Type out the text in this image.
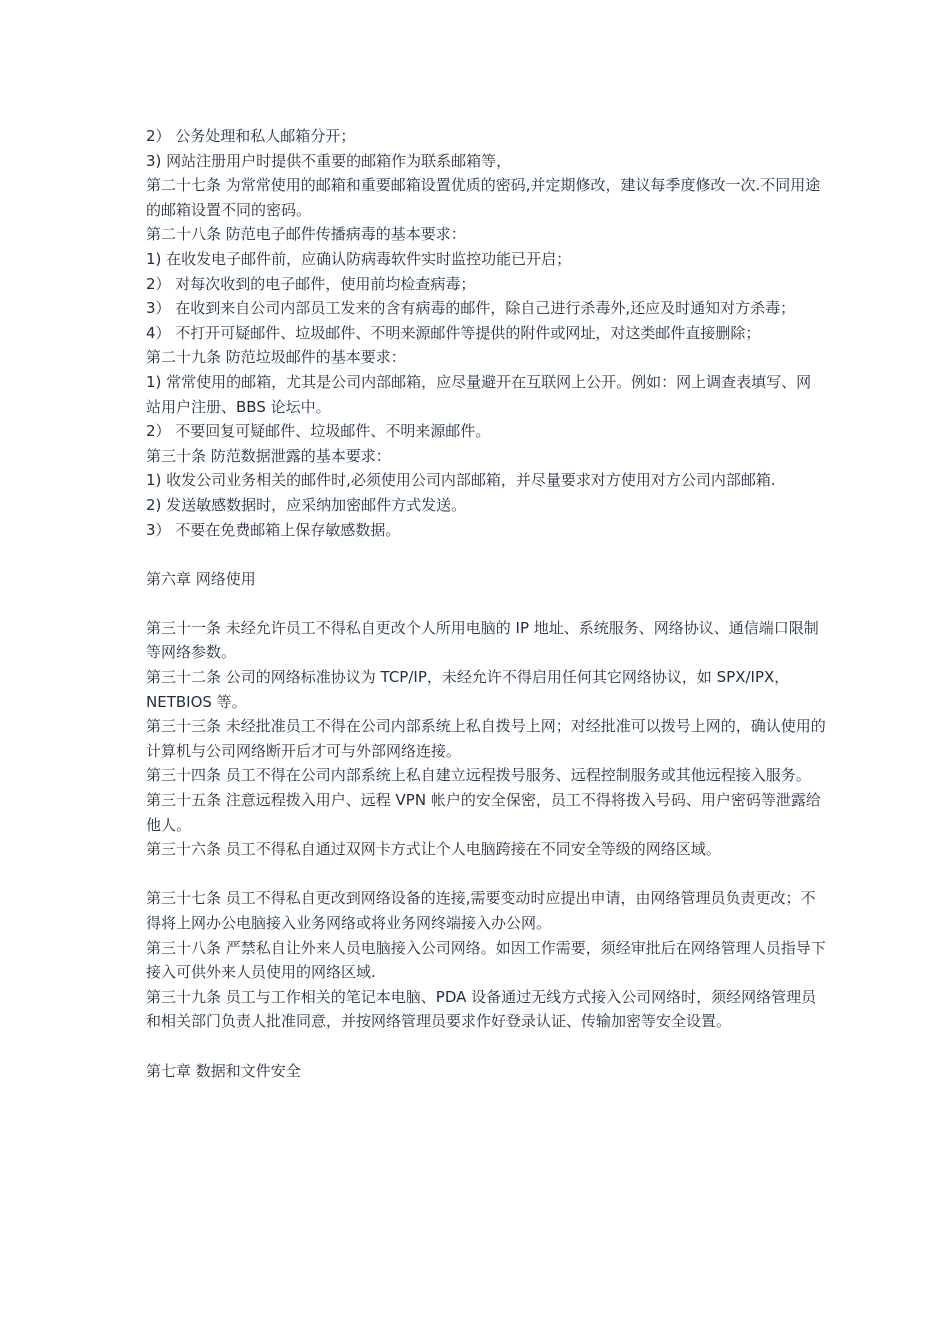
2） 公务处理和私人邮箱分开；

3) 网站注册用户时提供不重要的邮箱作为联系邮箱等，

第二十七条 为常常使用的邮箱和重要邮箱设置优质的密码,并定期修改，建议每季度修改一次.不同用途的邮箱设置不同的密码。

第二十八条 防范电子邮件传播病毒的基本要求：

1) 在收发电子邮件前，应确认防病毒软件实时监控功能已开启；

2） 对每次收到的电子邮件，使用前均检查病毒；

3） 在收到来自公司内部员工发来的含有病毒的邮件，除自己进行杀毒外,还应及时通知对方杀毒；

4） 不打开可疑邮件、垃圾邮件、不明来源邮件等提供的附件或网址，对这类邮件直接删除；

第二十九条 防范垃圾邮件的基本要求：

1) 常常使用的邮箱，尤其是公司内部邮箱，应尽量避开在互联网上公开。例如：网上调查表填写、网站用户注册、BBS 论坛中。

2） 不要回复可疑邮件、垃圾邮件、不明来源邮件。

第三十条 防范数据泄露的基本要求：

1) 收发公司业务相关的邮件时,必须使用公司内部邮箱，并尽量要求对方使用对方公司内部邮箱.

2) 发送敏感数据时，应采纳加密邮件方式发送。

3） 不要在免费邮箱上保存敏感数据。

第六章 网络使用

第三十一条 未经允许员工不得私自更改个人所用电脑的 IP 地址、系统服务、网络协议、通信端口限制等网络参数。

第三十二条 公司的网络标准协议为 TCP/IP，未经允许不得启用任何其它网络协议，如 SPX/IPX，NETBIOS 等。

第三十三条 未经批准员工不得在公司内部系统上私自拨号上网；对经批准可以拨号上网的，确认使用的计算机与公司网络断开后才可与外部网络连接。

第三十四条 员工不得在公司内部系统上私自建立远程拨号服务、远程控制服务或其他远程接入服务。

第三十五条 注意远程拨入用户、远程 VPN 帐户的安全保密，员工不得将拨入号码、用户密码等泄露给他人。

第三十六条 员工不得私自通过双网卡方式让个人电脑跨接在不同安全等级的网络区域。

第三十七条 员工不得私自更改到网络设备的连接,需要变动时应提出申请，由网络管理员负责更改；不得将上网办公电脑接入业务网络或将业务网终端接入办公网。

第三十八条 严禁私自让外来人员电脑接入公司网络。如因工作需要，须经审批后在网络管理人员指导下接入可供外来人员使用的网络区域.

第三十九条 员工与工作相关的笔记本电脑、PDA 设备通过无线方式接入公司网络时，须经网络管理员和相关部门负责人批准同意，并按网络管理员要求作好登录认证、传输加密等安全设置。

第七章 数据和文件安全
